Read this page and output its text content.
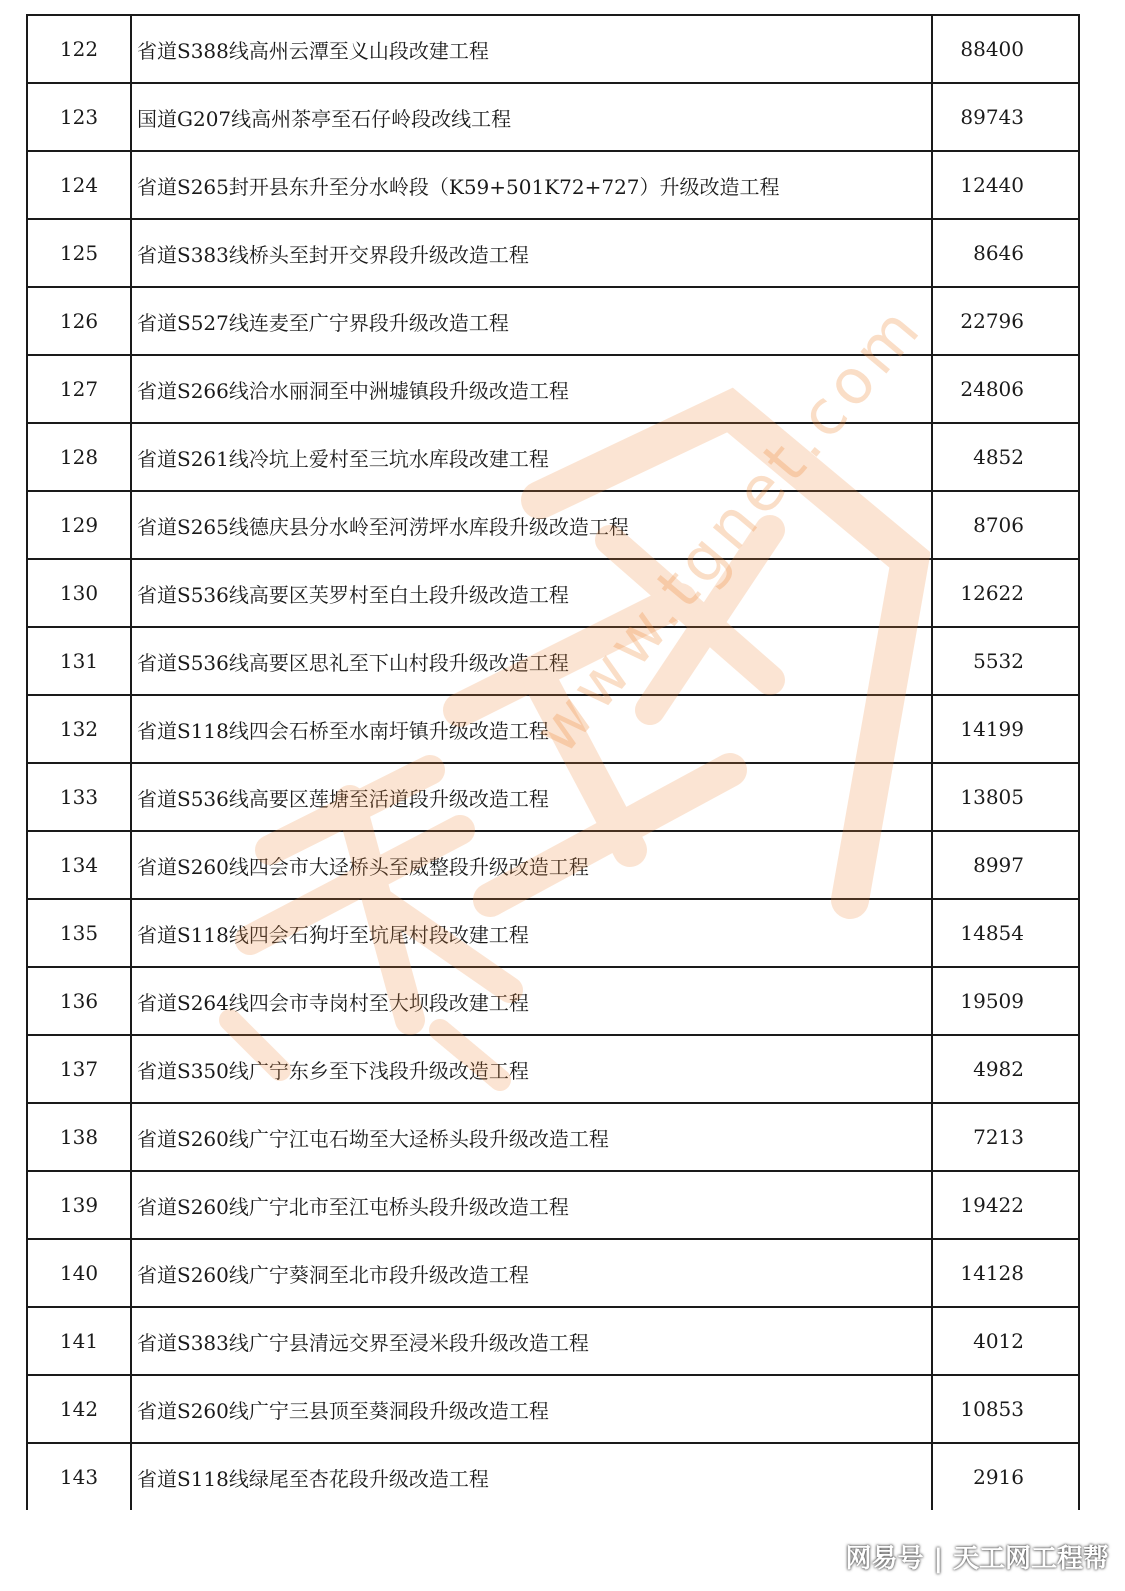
122	省道S388线高州云潭至义山段改建工程	88400
123	国道G207线高州茶亭至石仔岭段改线工程	89743
124	省道S265封开县东升至分水岭段（K59+501K72+727）升级改造工程	12440
125	省道S383线桥头至封开交界段升级改造工程	8646
126	省道S527线连麦至广宁界段升级改造工程	22796
127	省道S266线洽水丽洞至中洲墟镇段升级改造工程	24806
128	省道S261线冷坑上爱村至三坑水库段改建工程	4852
129	省道S265线德庆县分水岭至河涝坪水库段升级改造工程	8706
130	省道S536线高要区芙罗村至白土段升级改造工程	12622
131	省道S536线高要区思礼至下山村段升级改造工程	5532
132	省道S118线四会石桥至水南圩镇升级改造工程	14199
133	省道S536线高要区莲塘至活道段升级改造工程	13805
134	省道S260线四会市大迳桥头至威整段升级改造工程	8997
135	省道S118线四会石狗圩至坑尾村段改建工程	14854
136	省道S264线四会市寺岗村至大坝段改建工程	19509
137	省道S350线广宁东乡至下浅段升级改造工程	4982
138	省道S260线广宁江屯石坳至大迳桥头段升级改造工程	7213
139	省道S260线广宁北市至江屯桥头段升级改造工程	19422
140	省道S260线广宁葵洞至北市段升级改造工程	14128
141	省道S383线广宁县清远交界至浸米段升级改造工程	4012
142	省道S260线广宁三县顶至葵洞段升级改造工程	10853
143	省道S118线绿尾至杏花段升级改造工程	2916
www.tgnet.com
网易号 | 天工网工程帮
